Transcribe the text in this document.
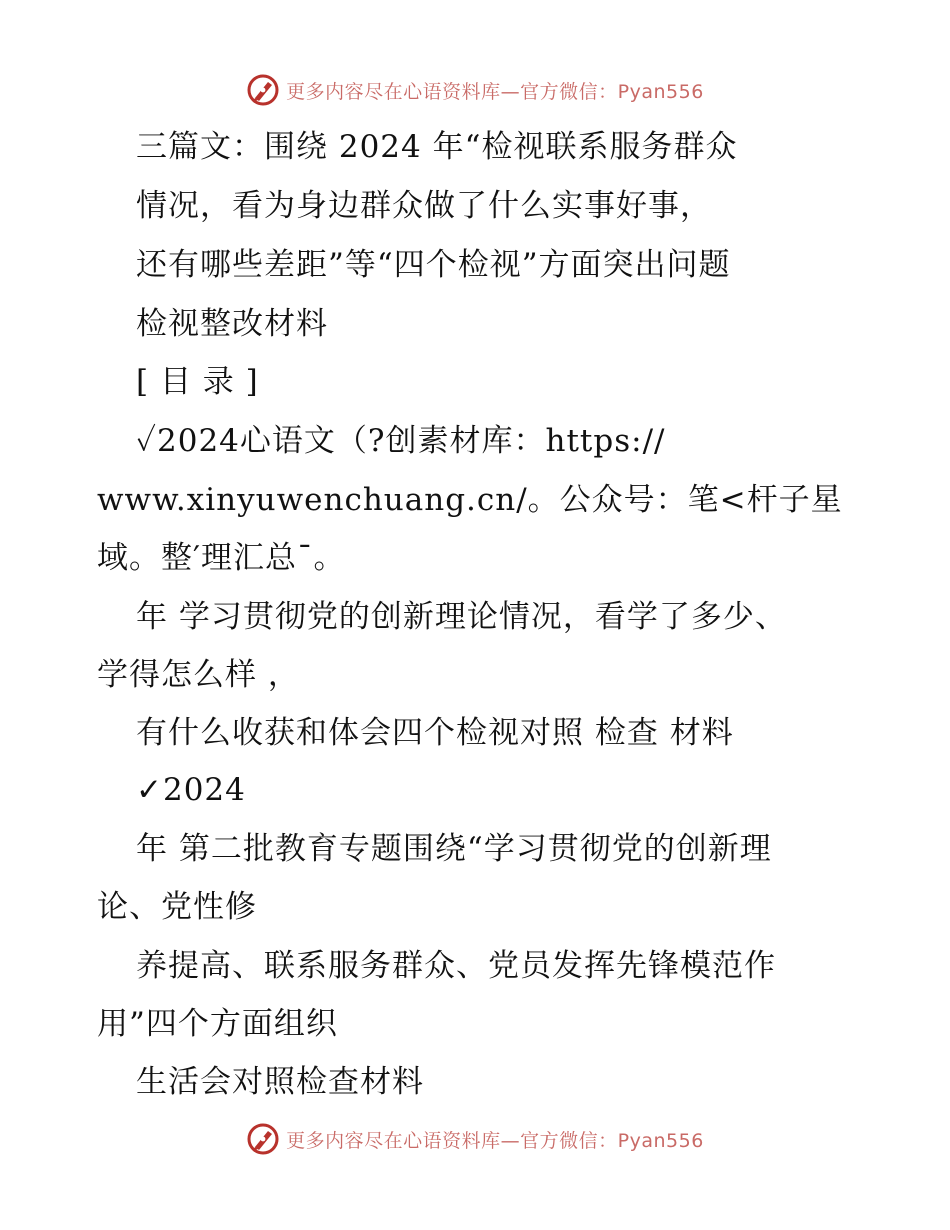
更多内容尽在心语资料库—官方微信：Pyan556
三篇文：围绕 2024 年“检视联系服务群众
情况，看为身边群众做了什么实事好事，
还有哪些差距”等“四个检视”方面突出问题
检视整改材料
[ 目 录 ]
✓2024心语文（?创素材库：https://
www.xinyuwenchuang.cn/。公众号：笔<杆子星
域。整′理汇总¯。
年 学习贯彻党的创新理论情况，看学了多少、
学得怎么样 ，
有什么收获和体会四个检视对照 检查 材料
✓2024
年 第二批教育专题围绕“学习贯彻党的创新理
论、党性修
养提高、联系服务群众、党员发挥先锋模范作
用”四个方面组织
生活会对照检查材料
更多内容尽在心语资料库—官方微信：Pyan556
